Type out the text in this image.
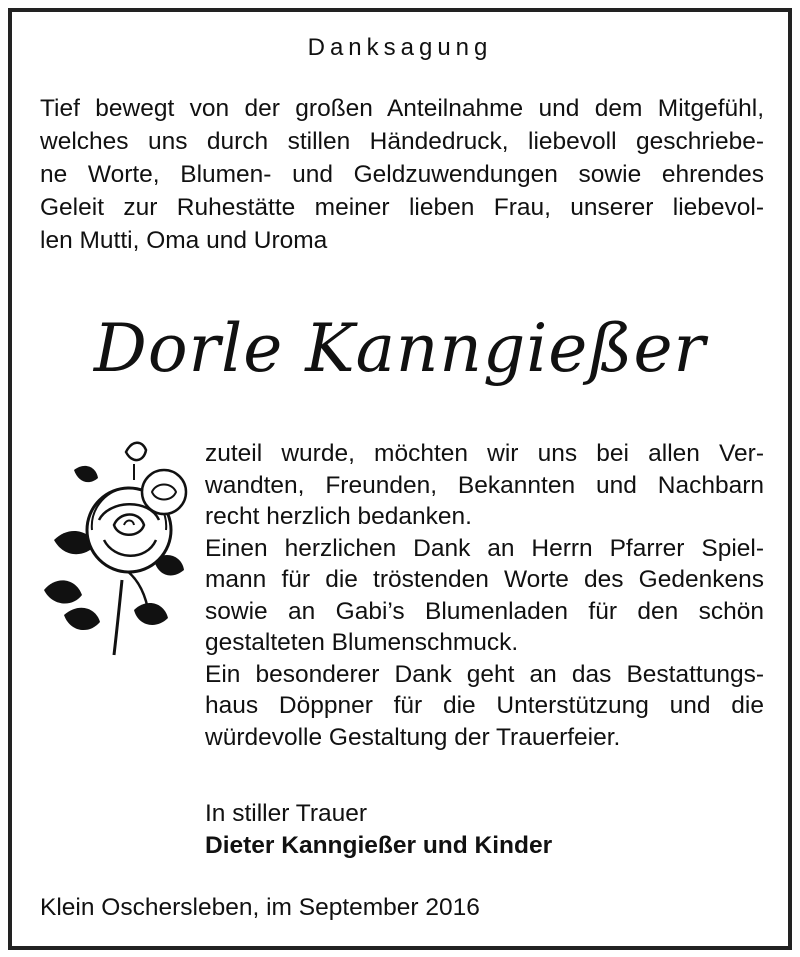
Danksagung
Tief bewegt von der großen Anteilnahme und dem Mitgefühl,
welches uns durch stillen Händedruck, liebevoll geschriebe-
ne Worte, Blumen- und Geldzuwendungen sowie ehrendes
Geleit zur Ruhestätte meiner lieben Frau, unserer liebevol-
len Mutti, Oma und Uroma
Dorle Kanngießer
zuteil wurde, möchten wir uns bei allen Ver-
wandten, Freunden, Bekannten und Nachbarn
recht herzlich bedanken.
Einen herzlichen Dank an Herrn Pfarrer Spiel-
mann für die tröstenden Worte des Gedenkens
sowie an Gabi’s Blumenladen für den schön
gestalteten Blumenschmuck.
Ein besonderer Dank geht an das Bestattungs-
haus Döppner für die Unterstützung und die
würdevolle Gestaltung der Trauerfeier.
In stiller Trauer
Dieter Kanngießer und Kinder
Klein Oschersleben, im September 2016
